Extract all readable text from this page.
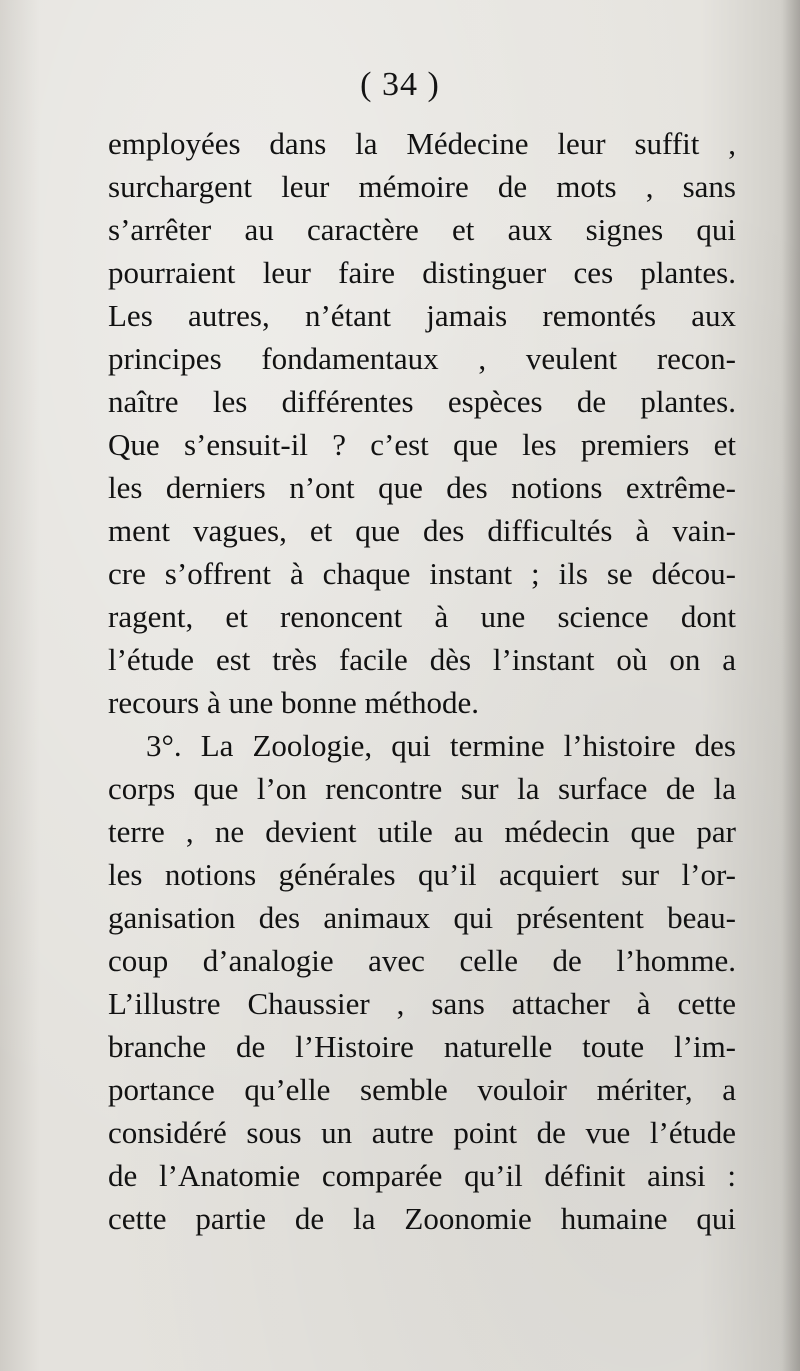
( 34 )
employées dans la Médecine leur suffit ,
surchargent leur mémoire de mots , sans
s’arrêter au caractère et aux signes qui
pourraient leur faire distinguer ces plantes.
Les autres, n’étant jamais remontés aux
principes fondamentaux , veulent recon-
naître les différentes espèces de plantes.
Que s’ensuit-il ? c’est que les premiers et
les derniers n’ont que des notions extrême-
ment vagues, et que des difficultés à vain-
cre s’offrent à chaque instant ; ils se décou-
ragent, et renoncent à une science dont
l’étude est très facile dès l’instant où on a
recours à une bonne méthode.
3°. La Zoologie, qui termine l’histoire des
corps que l’on rencontre sur la surface de la
terre , ne devient utile au médecin que par
les notions générales qu’il acquiert sur l’or-
ganisation des animaux qui présentent beau-
coup d’analogie avec celle de l’homme.
L’illustre Chaussier , sans attacher à cette
branche de l’Histoire naturelle toute l’im-
portance qu’elle semble vouloir mériter, a
considéré sous un autre point de vue l’étude
de l’Anatomie comparée qu’il définit ainsi :
cette partie de la Zoonomie humaine qui
